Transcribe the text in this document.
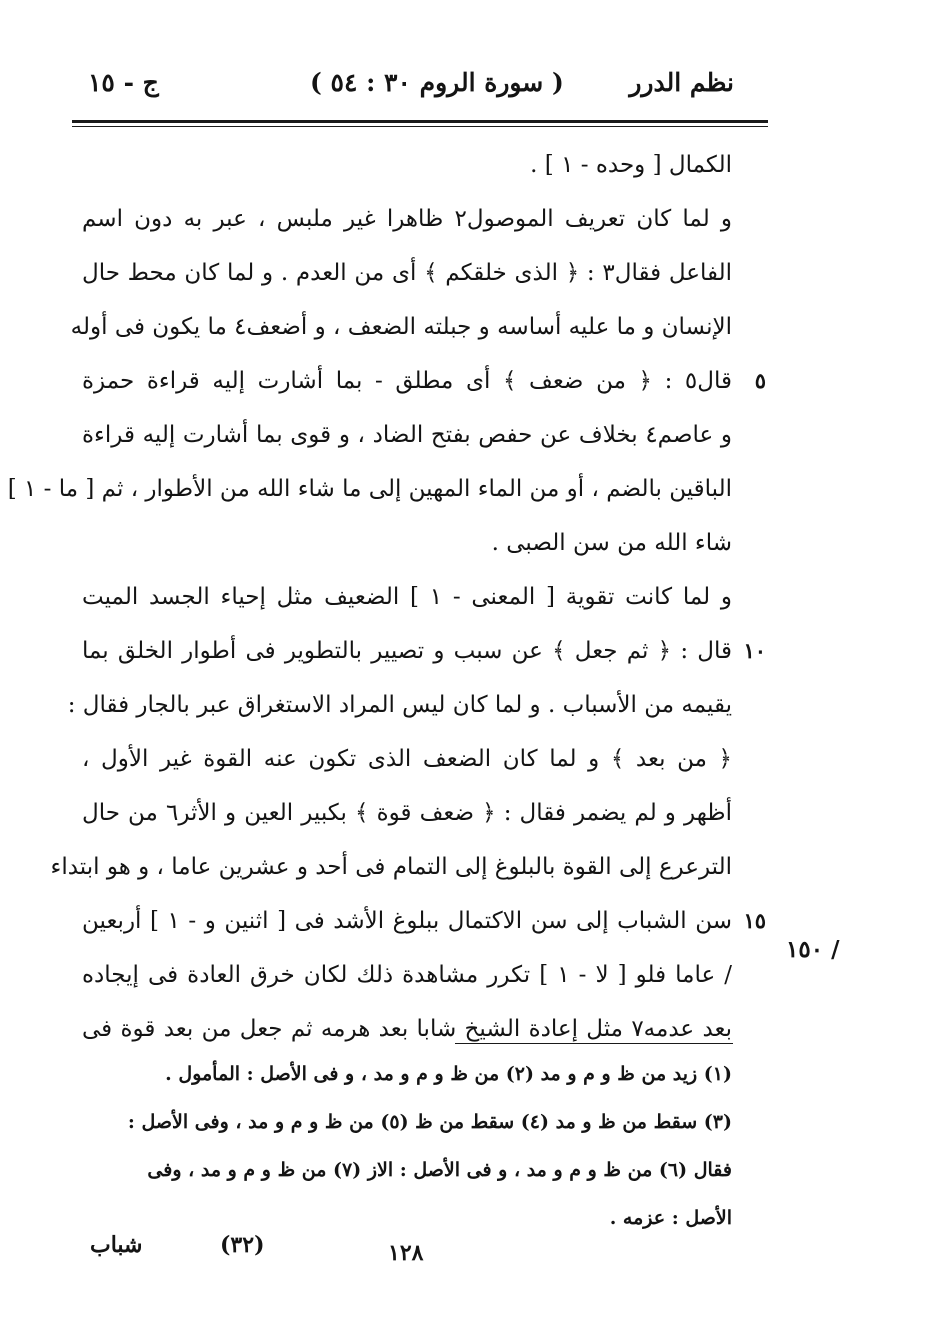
نظم الدرر
( سورة الروم ٣٠ : ٥٤ )
ج - ١٥
الكمال [ وحده - ١ ] .
و لما كان تعريف الموصول٢ ظاهرا غير ملبس ، عبر به دون اسم
الفاعل فقال٣ : ﴿ الذى خلقكم ﴾ أى من العدم . و لما كان محط حال
الإنسان و ما عليه أساسه و جبلته الضعف ، و أضعف٤ ما يكون فى أوله
قال٥ : ﴿ من ضعف ﴾ أى مطلق - بما أشارت إليه قراءة حمزة ٥
و عاصم٤ بخلاف عن حفص بفتح الضاد ، و قوى بما أشارت إليه قراءة
الباقين بالضم ، أو من الماء المهين إلى ما شاء الله من الأطوار ، ثم [ ما - ١ ]
شاء الله من سن الصبى .
و لما كانت تقوية [ المعنى - ١ ] الضعيف مثل إحياء الجسد الميت
قال : ﴿ ثم جعل ﴾ عن سبب و تصيير بالتطوير فى أطوار الخلق بما ١٠
يقيمه من الأسباب . و لما كان ليس المراد الاستغراق عبر بالجار فقال :
﴿ من بعد ﴾ و لما كان الضعف الذى تكون عنه القوة غير الأول ،
أظهر و لم يضمر فقال : ﴿ ضعف قوة ﴾ بكبير العين و الأثر٦ من حال
الترعرع إلى القوة بالبلوغ إلى التمام فى أحد و عشرين عاما ، و هو ابتداء
سن الشباب إلى سن الاكتمال ببلوغ الأشد فى [ اثنين و - ١ ] أربعين ١٥
/ عاما فلو [ لا - ١ ] تكرر مشاهدة ذلك لكان خرق العادة فى إيجاده
بعد عدمه٧ مثل إعادة الشيخ شابا بعد هرمه ثم جعل من بعد قوة فى
/ ١٥٠
(١) زيد من ظ و م و مد (٢) من ظ و م و مد ، و فى الأصل : المأمول .
(٣) سقط من ظ و مد (٤) سقط من ظ (٥) من ظ و م و مد ، وفى الأصل :
فقال (٦) من ظ و م و مد ، و فى الأصل : الاز (٧) من ظ و م و مد ، وفى
الأصل : عزمه .
شباب	(٣٢)	١٢٨
